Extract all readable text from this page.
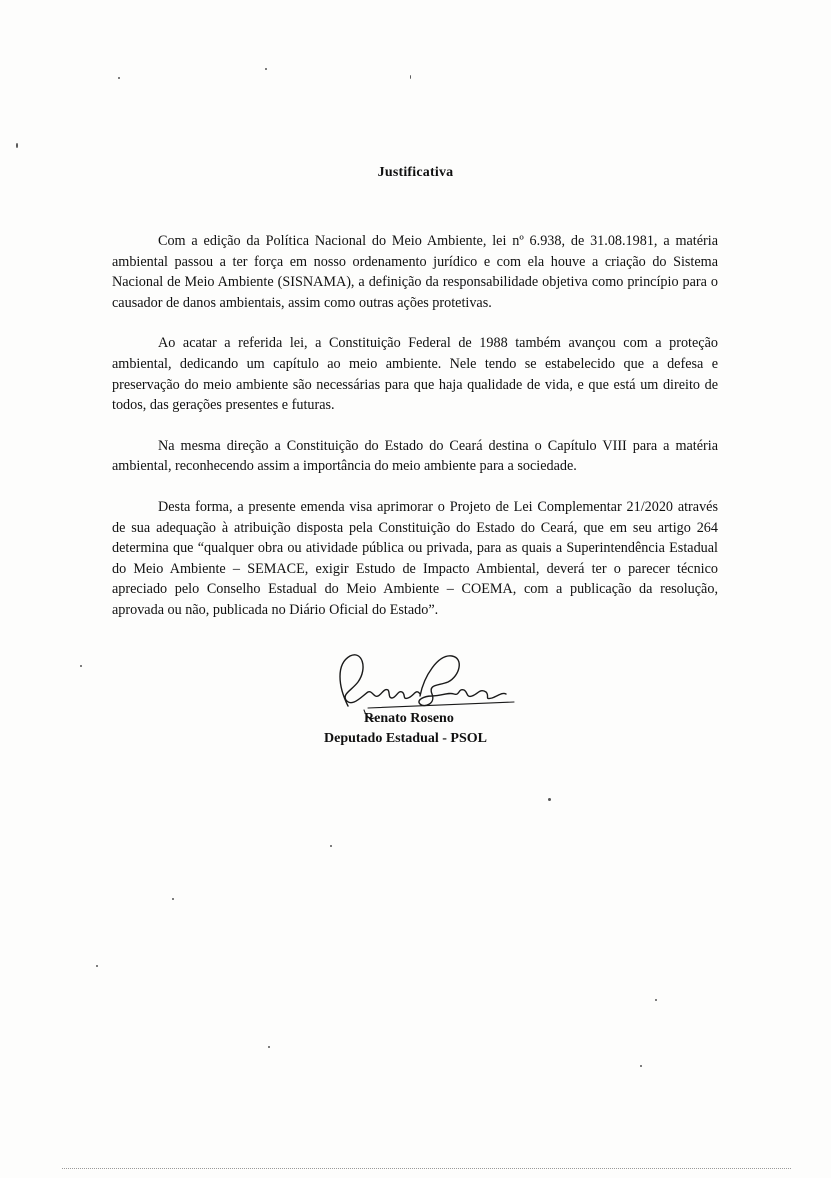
Justificativa

Com a edição da Política Nacional do Meio Ambiente, lei nº 6.938, de 31.08.1981, a matéria ambiental passou a ter força em nosso ordenamento jurídico e com ela houve a criação do Sistema Nacional de Meio Ambiente (SISNAMA), a definição da responsabilidade objetiva como princípio para o causador de danos ambientais, assim como outras ações protetivas.

Ao acatar a referida lei, a Constituição Federal de 1988 também avançou com a proteção ambiental, dedicando um capítulo ao meio ambiente. Nele tendo se estabelecido que a defesa e preservação do meio ambiente são necessárias para que haja qualidade de vida, e que está um direito de todos, das gerações presentes e futuras.

Na mesma direção a Constituição do Estado do Ceará destina o Capítulo VIII para a matéria ambiental, reconhecendo assim a importância do meio ambiente para a sociedade.

Desta forma, a presente emenda visa aprimorar o Projeto de Lei Complementar 21/2020 através de sua adequação à atribuição disposta pela Constituição do Estado do Ceará, que em seu artigo 264 determina que “qualquer obra ou atividade pública ou privada, para as quais a Superintendência Estadual do Meio Ambiente – SEMACE, exigir Estudo de Impacto Ambiental, deverá ter o parecer técnico apreciado pelo Conselho Estadual do Meio Ambiente – COEMA, com a publicação da resolução, aprovada ou não, publicada no Diário Oficial do Estado”.

Renato Roseno
Deputado Estadual - PSOL
